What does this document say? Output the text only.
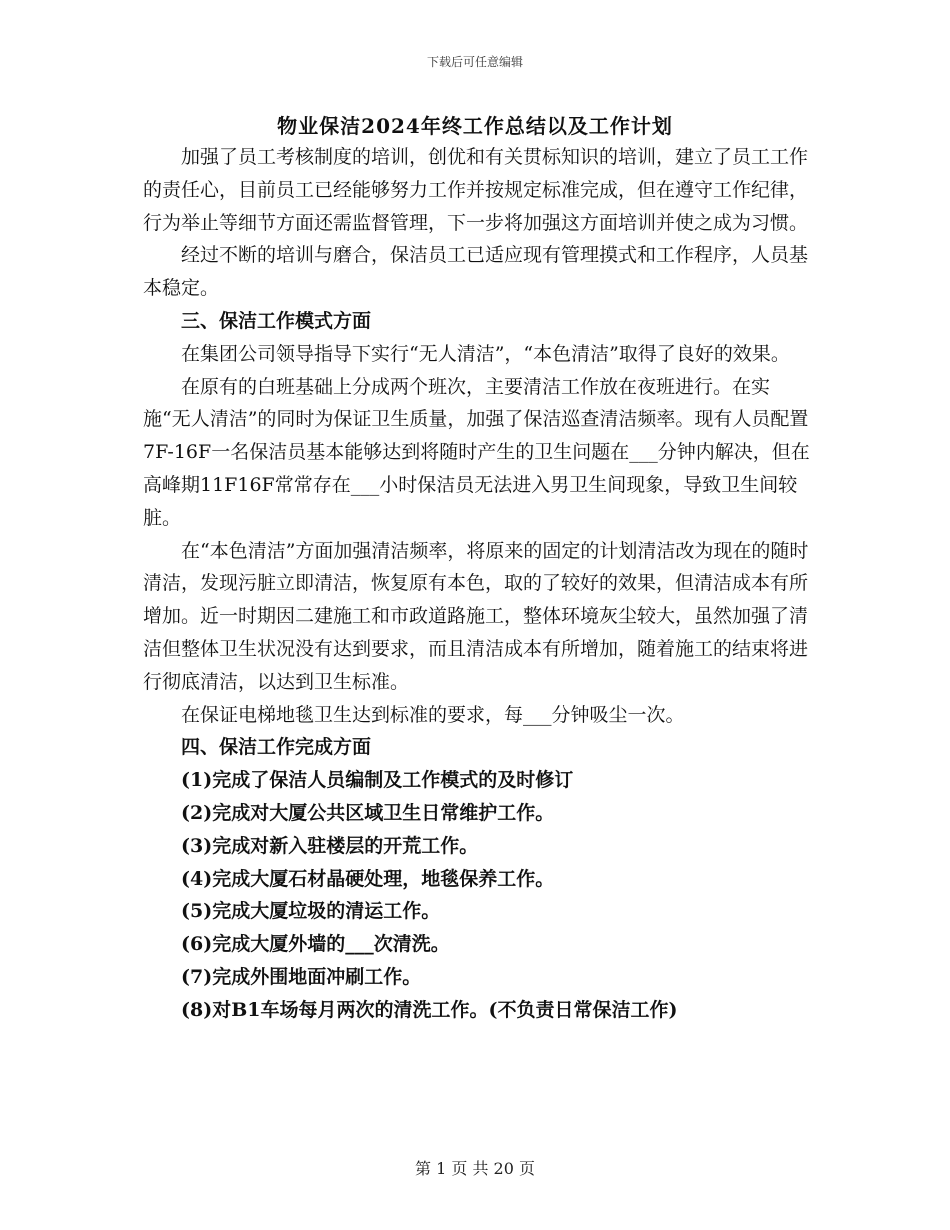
下载后可任意编辑
物业保洁2024年终工作总结以及工作计划

加强了员工考核制度的培训，创优和有关贯标知识的培训，建立了员工工作的责任心，目前员工已经能够努力工作并按规定标准完成，但在遵守工作纪律，行为举止等细节方面还需监督管理，下一步将加强这方面培训并使之成为习惯。

经过不断的培训与磨合，保洁员工已适应现有管理摸式和工作程序，人员基本稳定。

三、保洁工作模式方面

在集团公司领导指导下实行“无人清洁”，“本色清洁”取得了良好的效果。

在原有的白班基础上分成两个班次，主要清洁工作放在夜班进行。在实施“无人清洁”的同时为保证卫生质量，加强了保洁巡查清洁频率。现有人员配置7F-16F一名保洁员基本能够达到将随时产生的卫生问题在___分钟内解决，但在高峰期11F16F常常存在___小时保洁员无法进入男卫生间现象，导致卫生间较脏。

在“本色清洁”方面加强清洁频率，将原来的固定的计划清洁改为现在的随时清洁，发现污脏立即清洁，恢复原有本色，取的了较好的效果，但清洁成本有所增加。近一时期因二建施工和市政道路施工，整体环境灰尘较大，虽然加强了清洁但整体卫生状况没有达到要求，而且清洁成本有所增加，随着施工的结束将进行彻底清洁，以达到卫生标准。

在保证电梯地毯卫生达到标准的要求，每___分钟吸尘一次。

四、保洁工作完成方面

(1)完成了保洁人员编制及工作模式的及时修订

(2)完成对大厦公共区域卫生日常维护工作。

(3)完成对新入驻楼层的开荒工作。

(4)完成大厦石材晶硬处理，地毯保养工作。

(5)完成大厦垃圾的清运工作。

(6)完成大厦外墙的___次清洗。

(7)完成外围地面冲刷工作。

(8)对B1车场每月两次的清洗工作。(不负责日常保洁工作)

第 1 页 共 20 页
